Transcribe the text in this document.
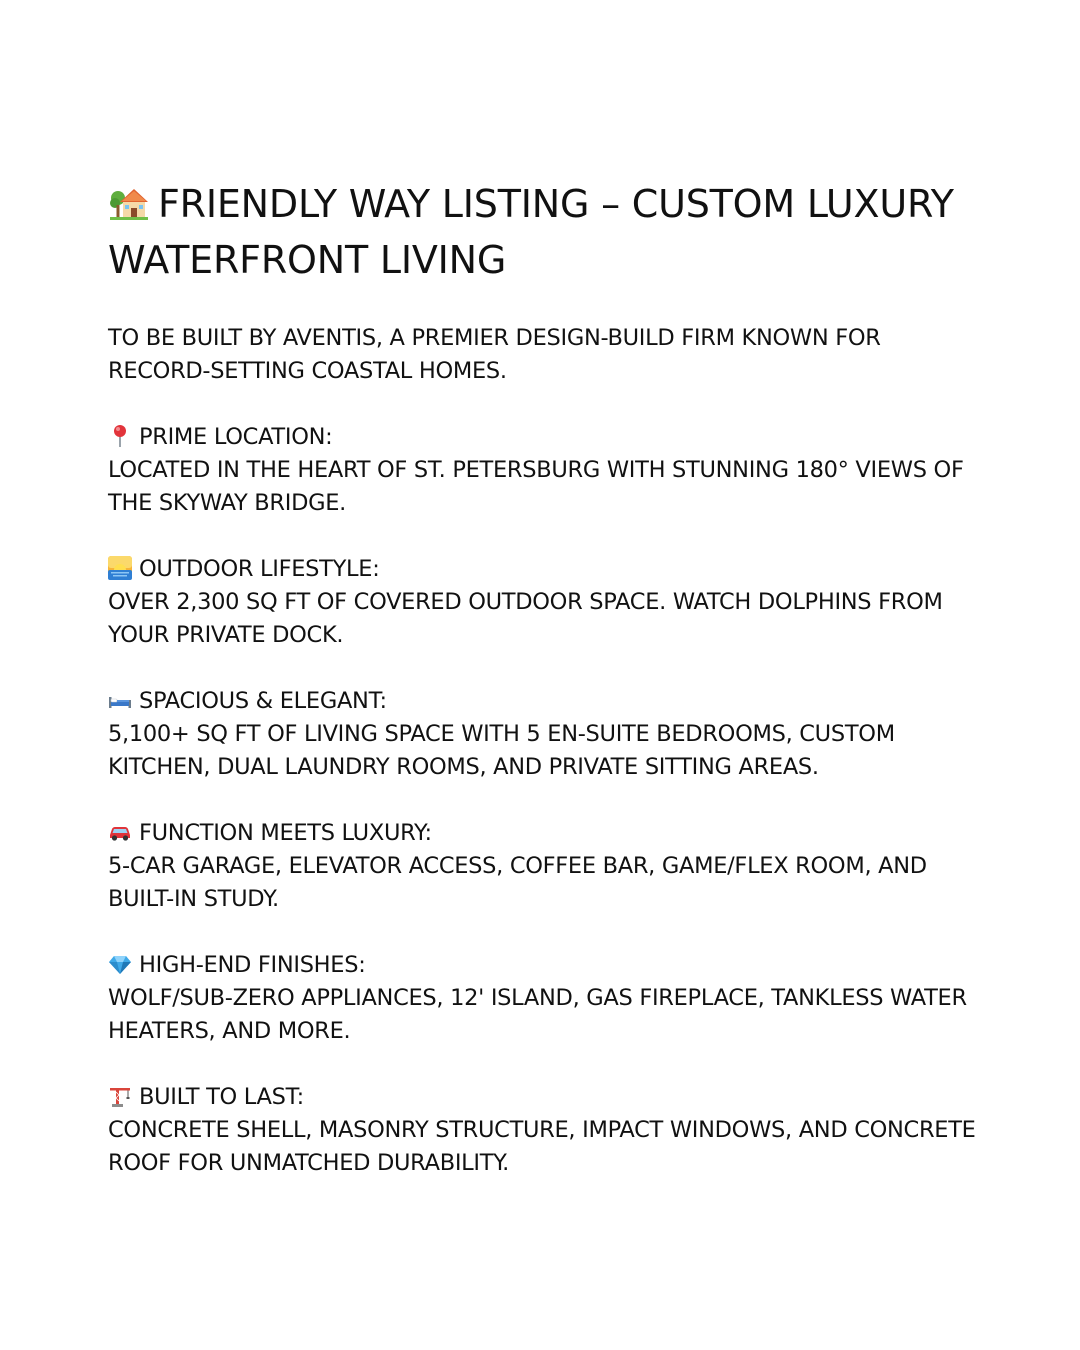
FRIENDLY WAY LISTING – CUSTOM LUXURY WATERFRONT LIVING
TO BE BUILT BY AVENTIS, A PREMIER DESIGN-BUILD FIRM KNOWN FOR RECORD-SETTING COASTAL HOMES.
PRIME LOCATION:
LOCATED IN THE HEART OF ST. PETERSBURG WITH STUNNING 180° VIEWS OF THE SKYWAY BRIDGE.
OUTDOOR LIFESTYLE:
OVER 2,300 SQ FT OF COVERED OUTDOOR SPACE. WATCH DOLPHINS FROM YOUR PRIVATE DOCK.
SPACIOUS & ELEGANT:
5,100+ SQ FT OF LIVING SPACE WITH 5 EN-SUITE BEDROOMS, CUSTOM KITCHEN, DUAL LAUNDRY ROOMS, AND PRIVATE SITTING AREAS.
FUNCTION MEETS LUXURY:
5-CAR GARAGE, ELEVATOR ACCESS, COFFEE BAR, GAME/FLEX ROOM, AND BUILT-IN STUDY.
HIGH-END FINISHES:
WOLF/SUB-ZERO APPLIANCES, 12' ISLAND, GAS FIREPLACE, TANKLESS WATER HEATERS, AND MORE.
BUILT TO LAST:
CONCRETE SHELL, MASONRY STRUCTURE, IMPACT WINDOWS, AND CONCRETE ROOF FOR UNMATCHED DURABILITY.
